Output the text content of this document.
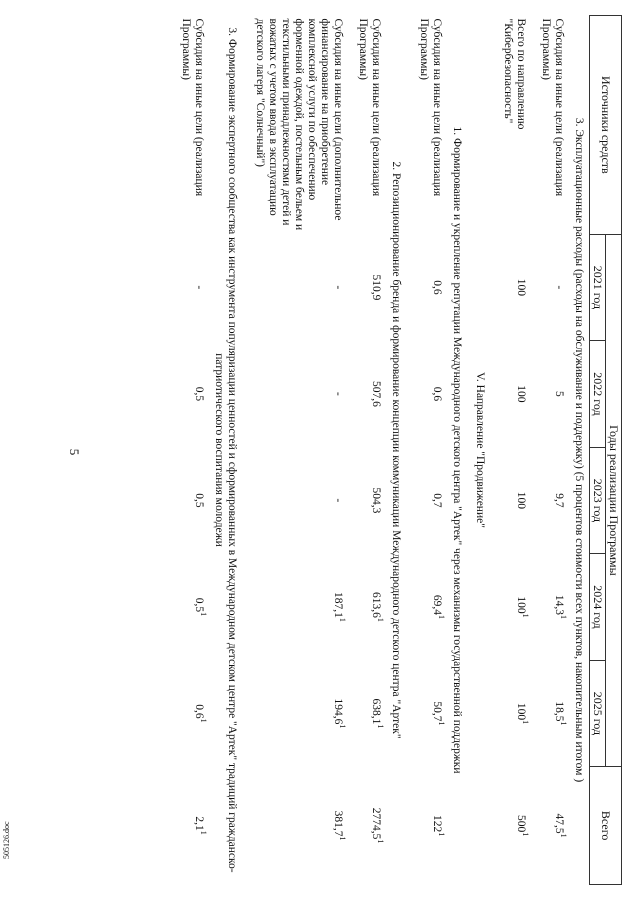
5
Источники средств	Годы реализации Программы					Всего
	2021 год	2022 год	2023 год	2024 год	2025 год	
3. Эксплуатационные расходы (расходы на обслуживание и поддержку) (5 процентов стоимости всех пунктов, накопительным итогом )						
Субсидия на иные цели (реализация Программы)	-	5	9,7	14,3$^1$	18,5$^1$	47,5$^1$

Всего по направлению "Кибербезопасность"	100	100	100	$100^1$	$100^1$	$500^1$

V. Направление "Продвижение"						
1. Формирование и укрепление репутации Международного детского центра "Артек" через механизмы государственной поддержки						
Субсидия на иные цели (реализация Программы)	0,6	0,6	0,7	69,4$^1$	50,7$^1$	$122^1$

2. Репозиционирование бренда и формирование концепции коммуникации Международного детского центра "Артек"						
Субсидия на иные цели (реализация Программы)	510,9	507,6	504,3	613,6$^1$	638,1$^1$	2774,5$^1$

Субсидия на иные цели (дополнительное финансирование на приобретение комплексной услуги по обеспечению форменной одеждой, постельным бельем и текстильными принадлежностями детей и вожатых с учетом ввода в эксплуатацию детского лагеря "Солнечный")	-	-	-	187,1$^1$	194,6$^1$	381,7$^1$

3. Формирование экспертного сообщества как инструмента популяризации ценностей и сформированных в Международном детском центре "Артек" традиций гражданско-патриотического воспитания молодежи						
Субсидия на иные цели (реализация Программы)	-	0,5	0,5	$0,5^1$	$0,6^1$	$2,1^1$

505126.doc
